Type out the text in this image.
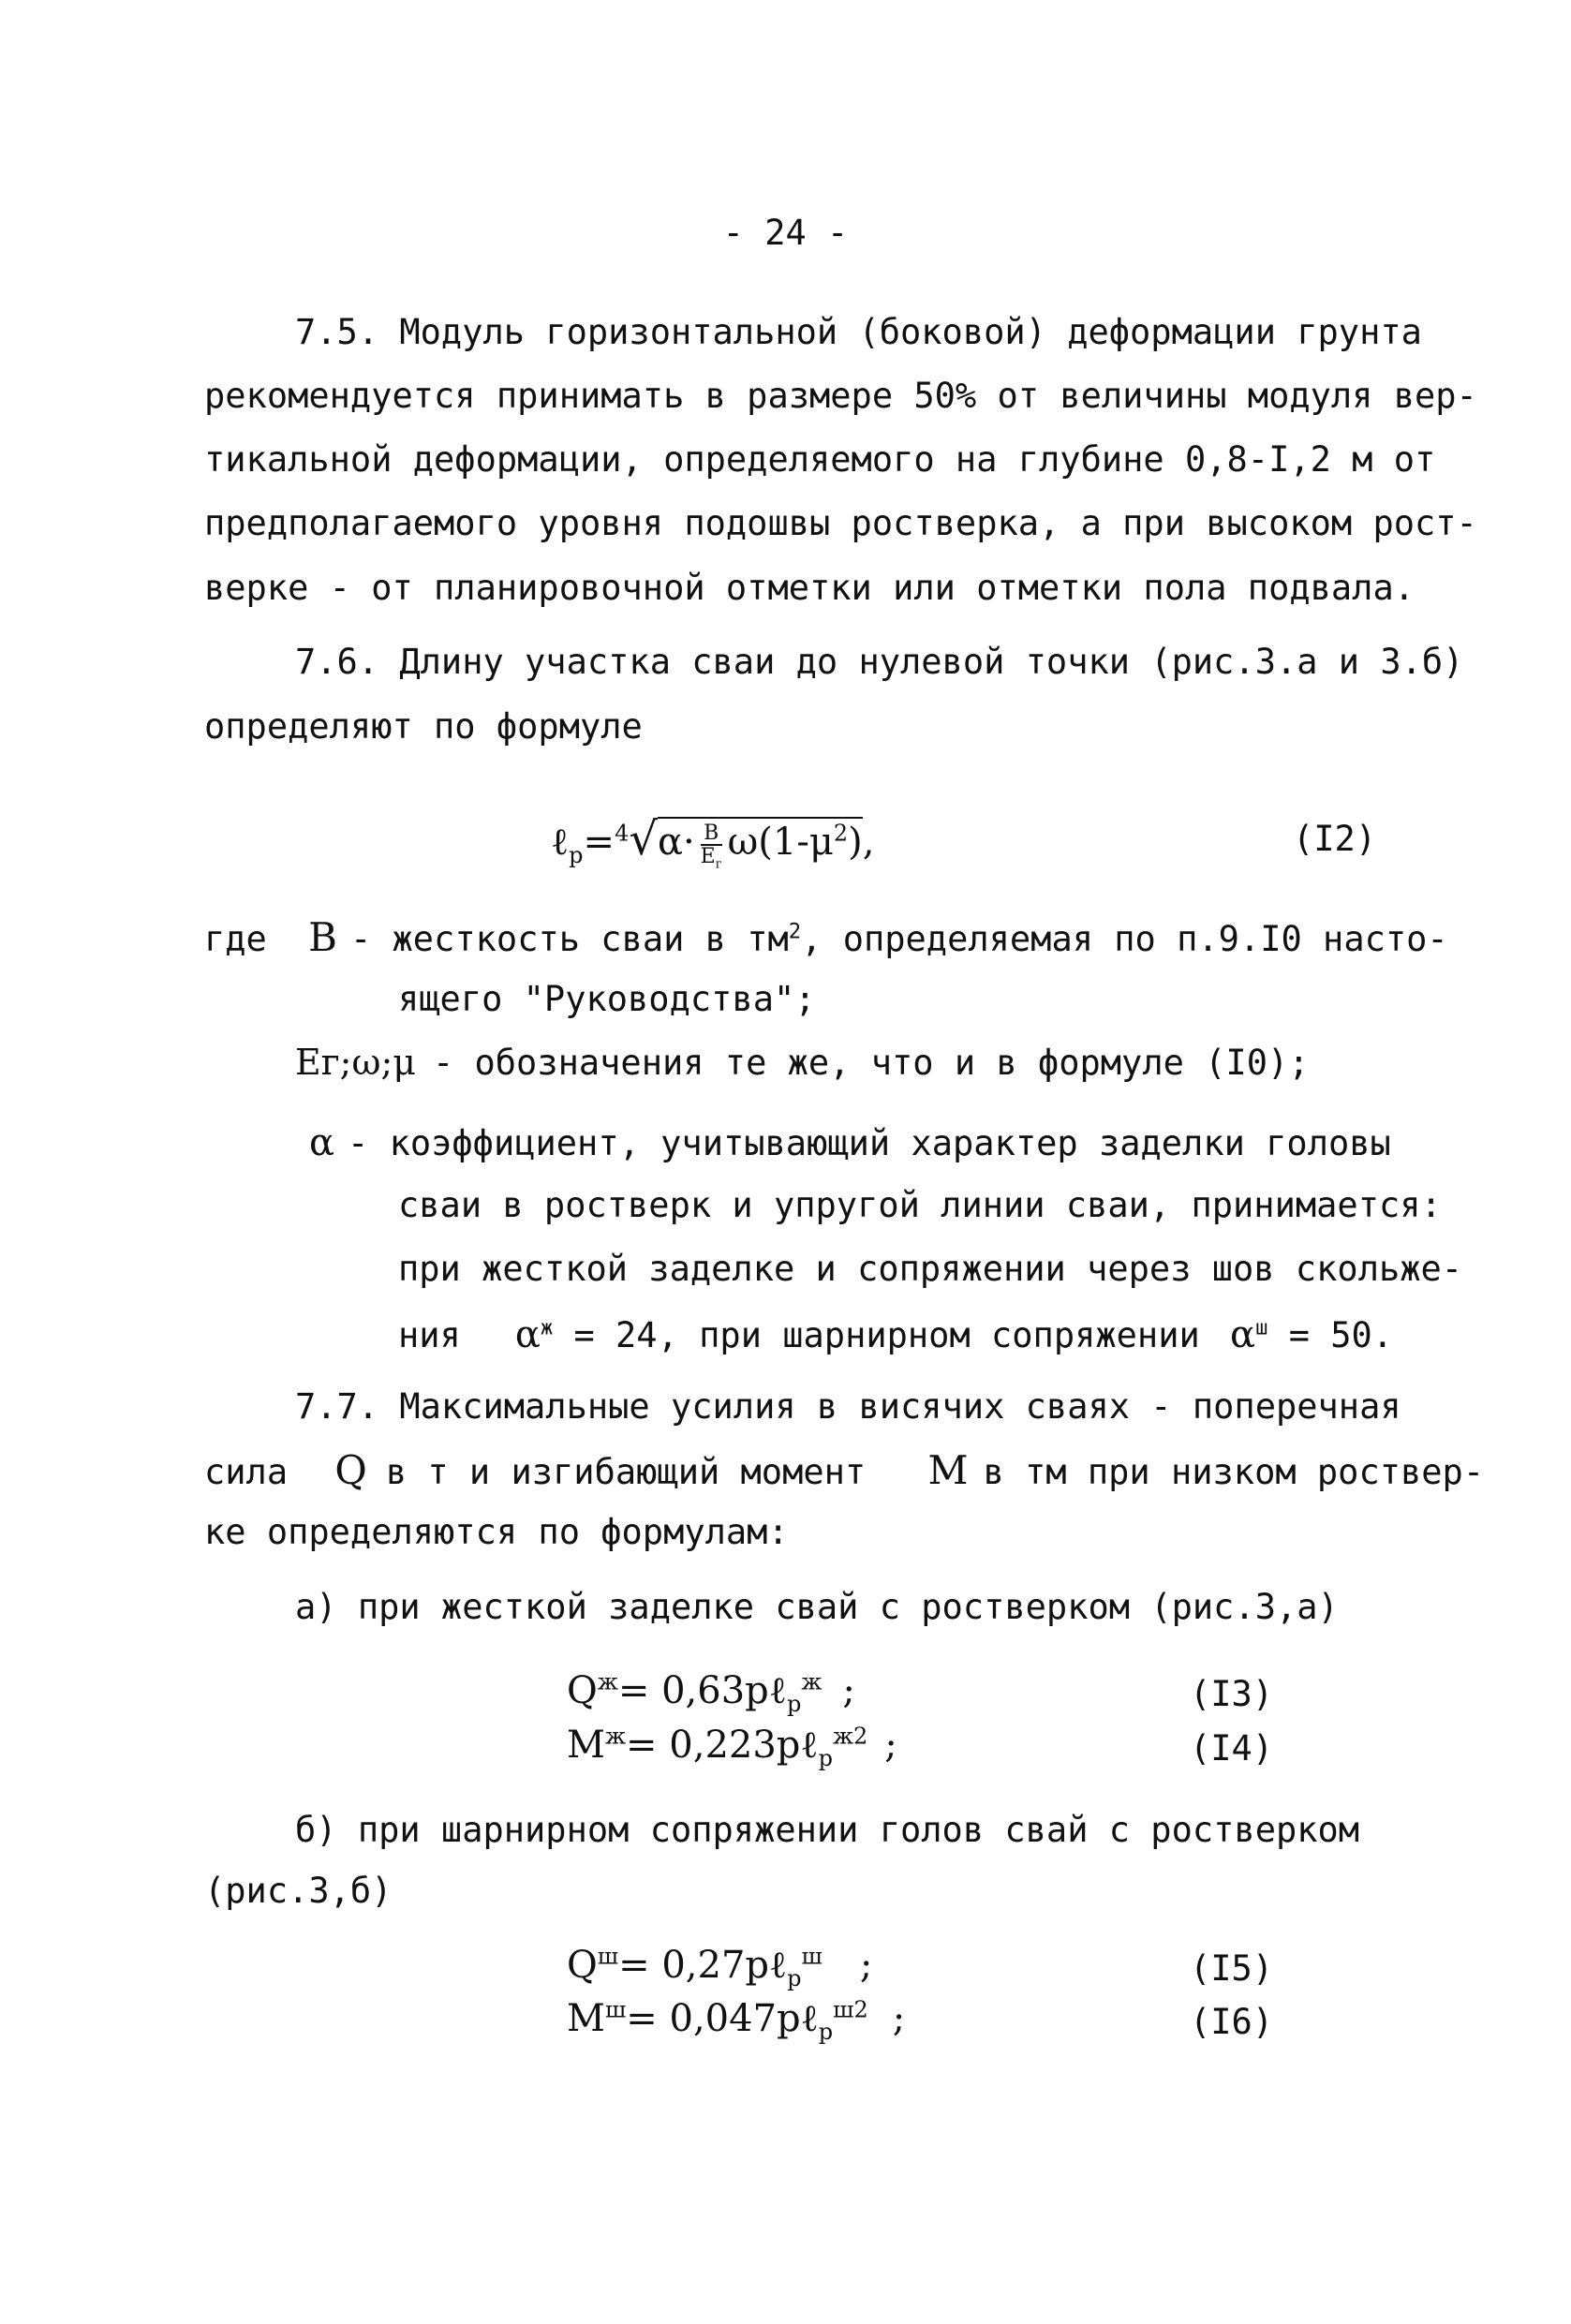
- 24 -
7.5. Модуль горизонтальной (боковой) деформации грунта
рекомендуется принимать в размере 50% от величины модуля вер-
тикальной деформации, определяемого на глубине 0,8-I,2 м от
предполагаемого уровня подошвы ростверка, а при высоком рост-
верке - от планировочной отметки или отметки пола подвала.
7.6. Длину участка сваи до нулевой точки (рис.3.а и 3.б)
определяют по формуле
ℓ$_р$=$^4$√α· B
$E_г$
$\omega(1-\mu^2)$,	(I2)
где B - жесткость сваи в $тм^2$, определяемая по п.9.I0 насто-
ящего "Руководства";
Eг;ω;μ - обозначения те же, что и в формуле (I0);
α - коэффициент, учитывающий характер заделки головы
сваи в ростверк и упругой линии сваи, принимается:
при жесткой заделке и сопряжении через шов скольже-
ния $\alpha^ж = 24$, при шарнирном сопряжении $\alpha^ш = 50$.
7.7. Максимальные усилия в висячих сваях - поперечная
сила Q в т и изгибающий момент M в тм при низком роствер-
ке определяются по формулам:
а) при жесткой заделке свай с ростверком (рис.3,а)
$Q^ж=$ 0,63pℓ$_р^ж$ ;	(I3)
$M^ж=$ 0,223pℓ$_р^{ж2}$ ;	(I4)
б) при шарнирном сопряжении голов свай с ростверком
(рис.3,б)
$Q^ш=$ 0,27pℓ$_р^ш$ ;	(I5)
$M^ш=$ 0,047pℓ$_р^{ш2}$ ;	(I6)
